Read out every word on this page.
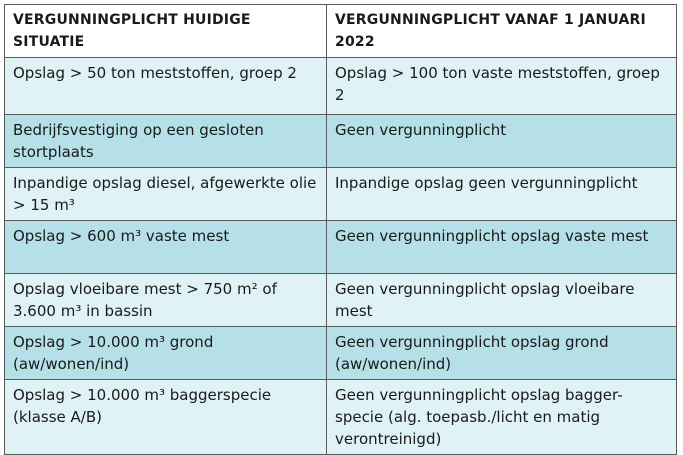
VERGUNNINGPLICHT HUIDIGE SITUATIE	VERGUNNINGPLICHT VANAF 1 JANUARI 2022
Opslag > 50 ton meststoffen, groep 2	Opslag > 100 ton vaste meststoffen, groep 2
Bedrijfsvestiging op een gesloten stortplaats	Geen vergunningplicht
Inpandige opslag diesel, afgewerkte olie > 15 m³	Inpandige opslag geen vergunningplicht
Opslag > 600 m³ vaste mest	Geen vergunningplicht opslag vaste mest
Opslag vloeibare mest > 750 m² of 3.600 m³ in bassin	Geen vergunningplicht opslag vloeibare mest
Opslag > 10.000 m³ grond (aw/wonen/ind)	Geen vergunningplicht opslag grond (aw/wonen/ind)
Opslag > 10.000 m³ baggerspecie (klasse A/B)	Geen vergunningplicht opslag bagger-specie (alg. toepasb./licht en matig verontreinigd)
